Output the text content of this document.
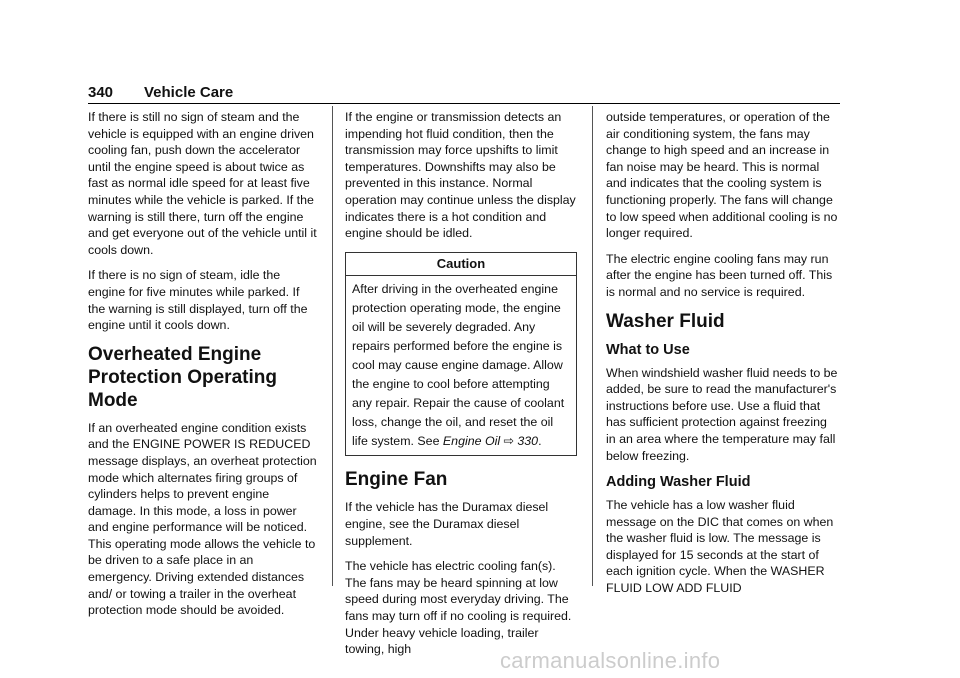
340 Vehicle Care

If there is still no sign of steam and the vehicle is equipped with an engine driven cooling fan, push down the accelerator until the engine speed is about twice as fast as normal idle speed for at least five minutes while the vehicle is parked. If the warning is still there, turn off the engine and get everyone out of the vehicle until it cools down.

If there is no sign of steam, idle the engine for five minutes while parked. If the warning is still displayed, turn off the engine until it cools down.

Overheated Engine Protection Operating Mode

If an overheated engine condition exists and the ENGINE POWER IS REDUCED message displays, an overheat protection mode which alternates firing groups of cylinders helps to prevent engine damage. In this mode, a loss in power and engine performance will be noticed. This operating mode allows the vehicle to be driven to a safe place in an emergency. Driving extended distances and/ or towing a trailer in the overheat protection mode should be avoided.

If the engine or transmission detects an impending hot fluid condition, then the transmission may force upshifts to limit temperatures. Downshifts may also be prevented in this instance. Normal operation may continue unless the display indicates there is a hot condition and engine should be idled.

Caution
After driving in the overheated engine protection operating mode, the engine oil will be severely degraded. Any repairs performed before the engine is cool may cause engine damage. Allow the engine to cool before attempting any repair. Repair the cause of coolant loss, change the oil, and reset the oil life system. See Engine Oil ⇨ 330.
Engine Fan

If the vehicle has the Duramax diesel engine, see the Duramax diesel supplement.

The vehicle has electric cooling fan(s). The fans may be heard spinning at low speed during most everyday driving. The fans may turn off if no cooling is required. Under heavy vehicle loading, trailer towing, high

outside temperatures, or operation of the air conditioning system, the fans may change to high speed and an increase in fan noise may be heard. This is normal and indicates that the cooling system is functioning properly. The fans will change to low speed when additional cooling is no longer required.

The electric engine cooling fans may run after the engine has been turned off. This is normal and no service is required.

Washer Fluid
What to Use

When windshield washer fluid needs to be added, be sure to read the manufacturer's instructions before use. Use a fluid that has sufficient protection against freezing in an area where the temperature may fall below freezing.

Adding Washer Fluid

The vehicle has a low washer fluid message on the DIC that comes on when the washer fluid is low. The message is displayed for 15 seconds at the start of each ignition cycle. When the WASHER FLUID LOW ADD FLUID

carmanualsonline.info
